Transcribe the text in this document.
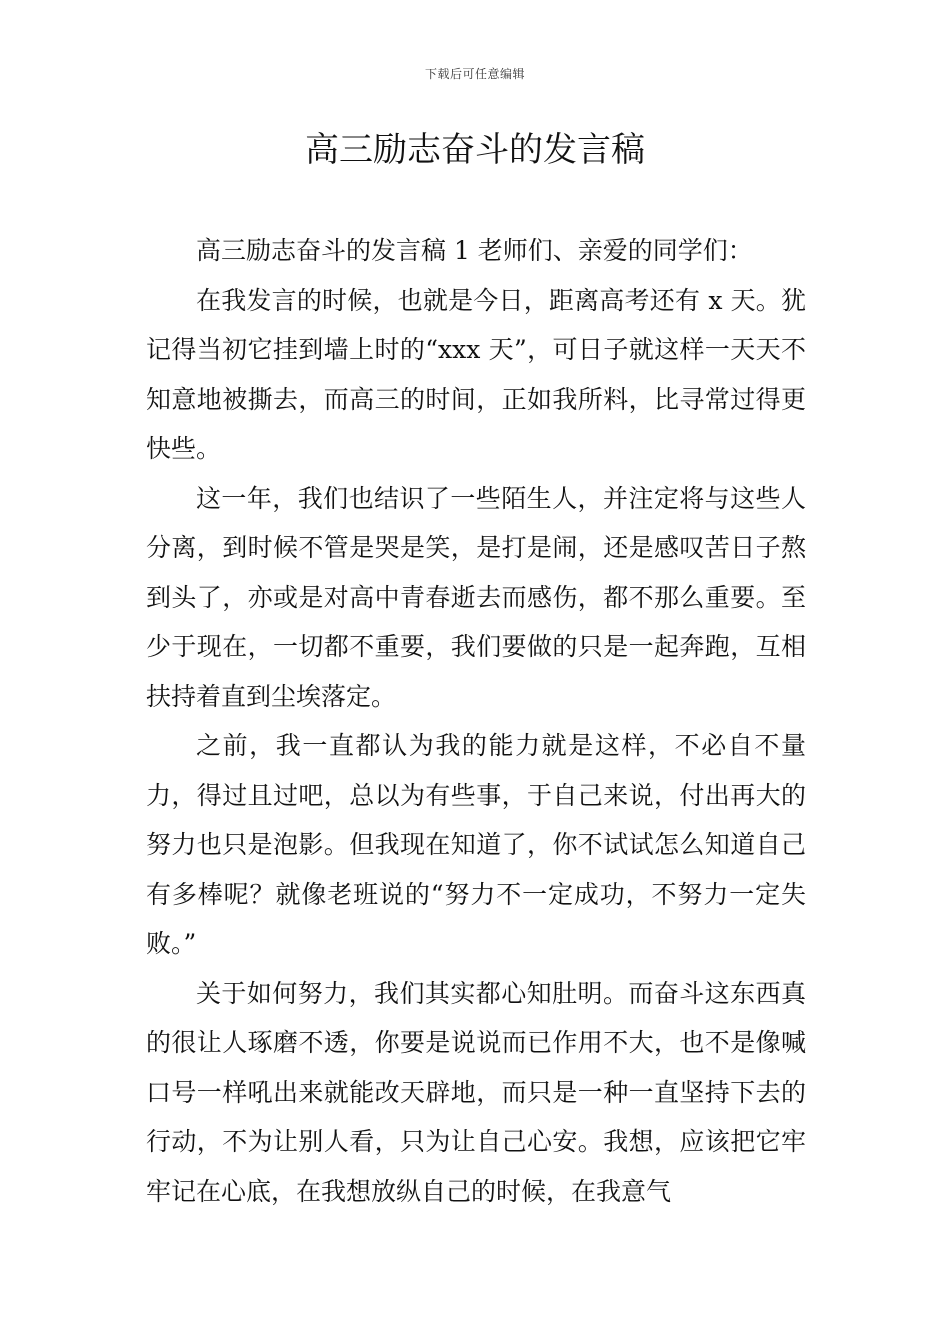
下载后可任意编辑
高三励志奋斗的发言稿

高三励志奋斗的发言稿 1 老师们、亲爱的同学们：

在我发言的时候，也就是今日，距离高考还有 x 天。犹记得当初它挂到墙上时的“xxx 天”，可日子就这样一天天不知意地被撕去，而高三的时间，正如我所料，比寻常过得更快些。

这一年，我们也结识了一些陌生人，并注定将与这些人分离，到时候不管是哭是笑，是打是闹，还是感叹苦日子熬到头了，亦或是对高中青春逝去而感伤，都不那么重要。至少于现在，一切都不重要，我们要做的只是一起奔跑，互相扶持着直到尘埃落定。

之前，我一直都认为我的能力就是这样，不必自不量力，得过且过吧，总以为有些事，于自己来说，付出再大的努力也只是泡影。但我现在知道了，你不试试怎么知道自己有多棒呢？就像老班说的“努力不一定成功，不努力一定失败。”

关于如何努力，我们其实都心知肚明。而奋斗这东西真的很让人琢磨不透，你要是说说而已作用不大，也不是像喊口号一样吼出来就能改天辟地，而只是一种一直坚持下去的行动，不为让别人看，只为让自己心安。我想，应该把它牢牢记在心底，在我想放纵自己的时候，在我意气
